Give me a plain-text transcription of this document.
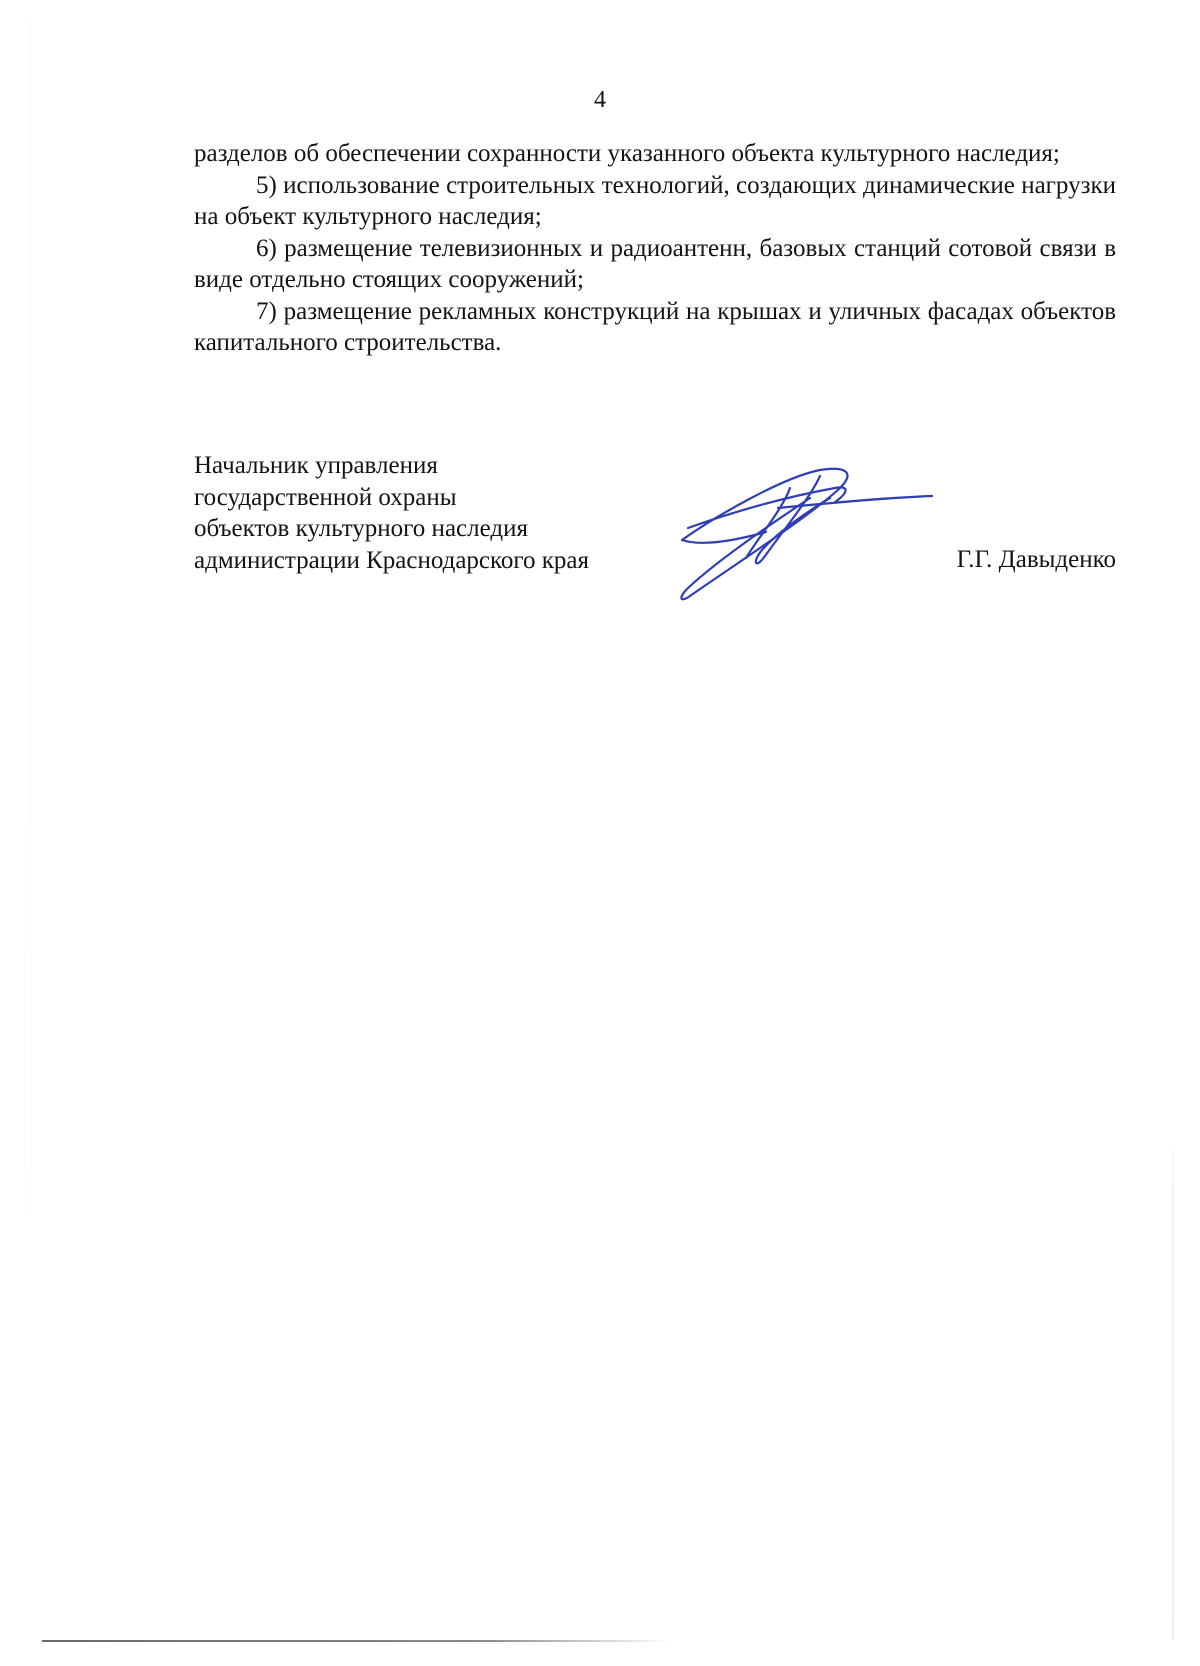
4

разделов об обеспечении сохранности указанного объекта культурного наследия;

5) использование строительных технологий, создающих динамические нагрузки на объект культурного наследия;

6) размещение телевизионных и радиоантенн, базовых станций сотовой связи в виде отдельно стоящих сооружений;

7) размещение рекламных конструкций на крышах и уличных фасадах объектов капитального строительства.

Начальник управления
государственной охраны
объектов культурного наследия
администрации Краснодарского края	Г.Г. Давыденко
